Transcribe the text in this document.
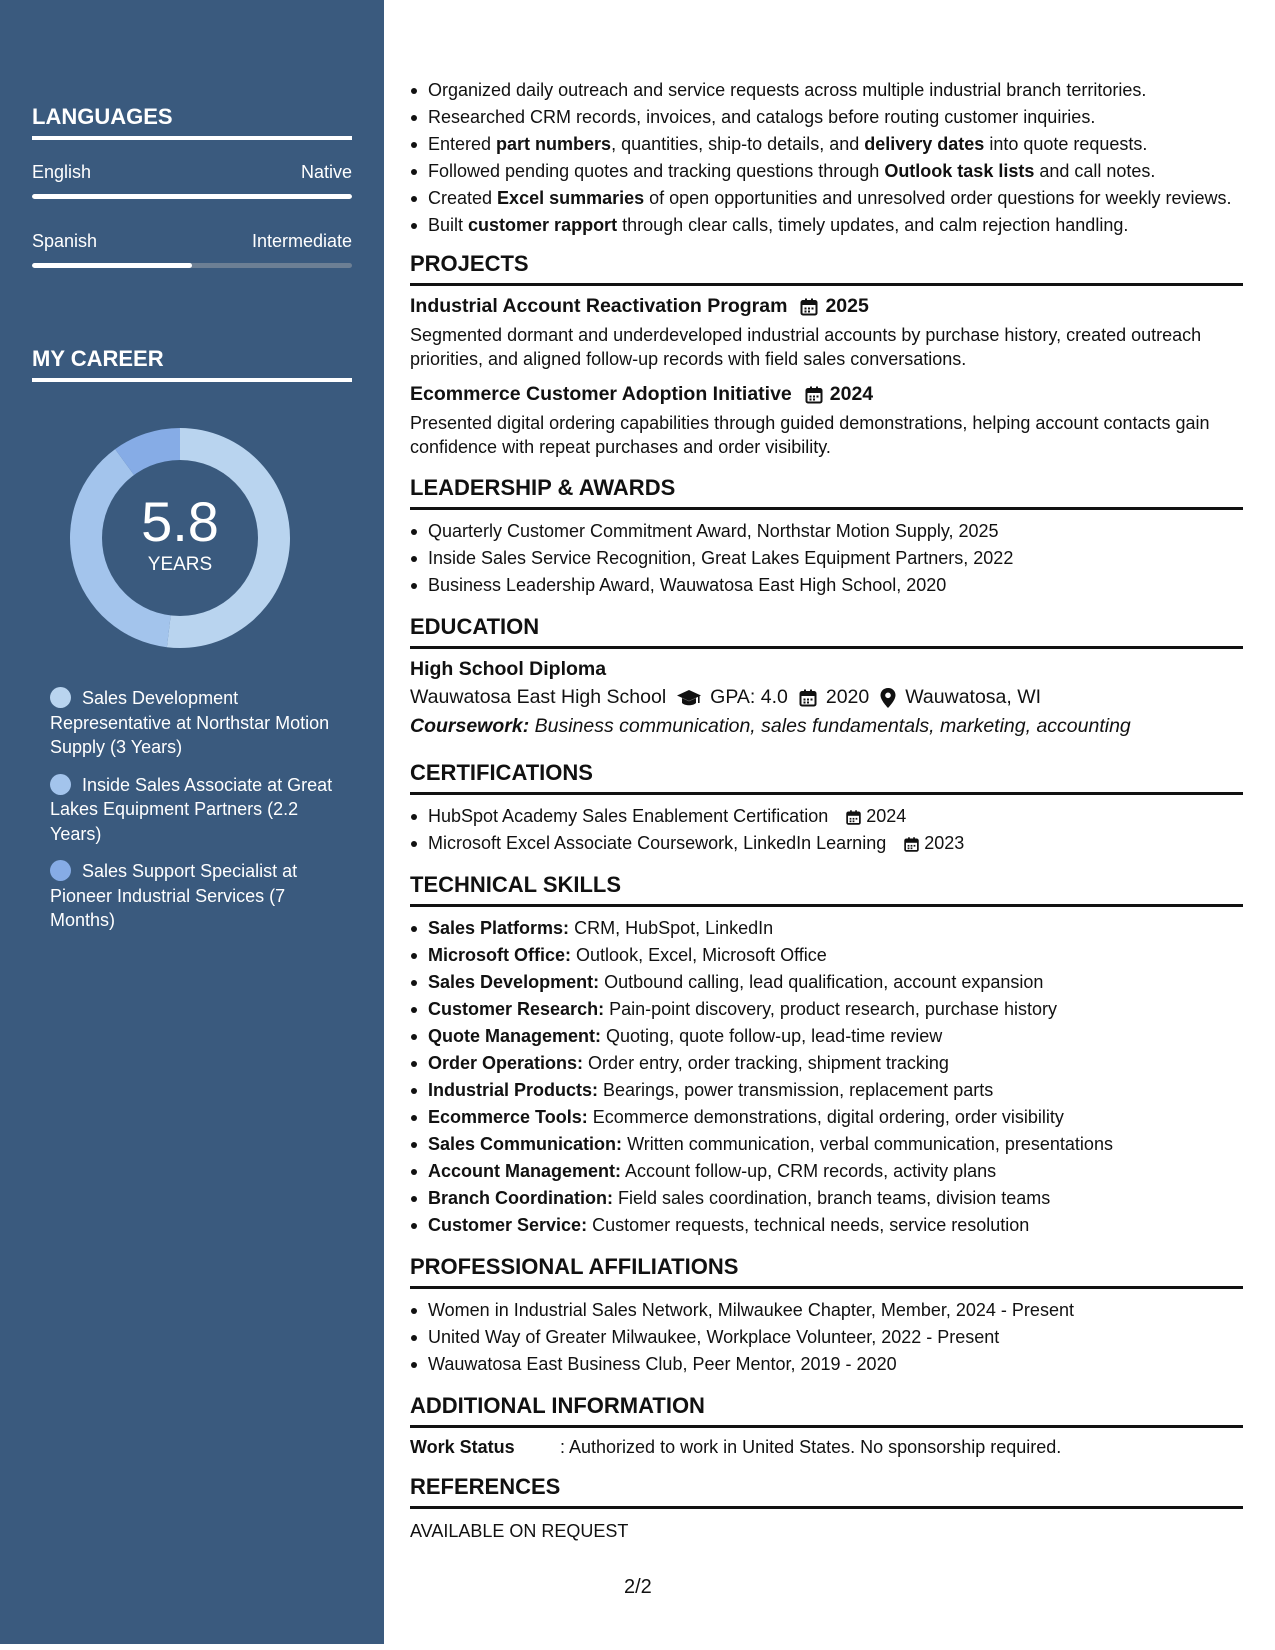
LANGUAGES
English	Native
Spanish	Intermediate
MY CAREER
5.8
YEARS
Sales Development Representative at Northstar Motion Supply (3 Years)
Inside Sales Associate at Great Lakes Equipment Partners (2.2 Years)
Sales Support Specialist at Pioneer Industrial Services (7 Months)
Organized daily outreach and service requests across multiple industrial branch territories.
Researched CRM records, invoices, and catalogs before routing customer inquiries.
Entered part numbers, quantities, ship-to details, and delivery dates into quote requests.
Followed pending quotes and tracking questions through Outlook task lists and call notes.
Created Excel summaries of open opportunities and unresolved order questions for weekly reviews.
Built customer rapport through clear calls, timely updates, and calm rejection handling.
PROJECTS
Industrial Account Reactivation Program 2025
Segmented dormant and underdeveloped industrial accounts by purchase history, created outreach priorities, and aligned follow-up records with field sales conversations.
Ecommerce Customer Adoption Initiative 2024
Presented digital ordering capabilities through guided demonstrations, helping account contacts gain confidence with repeat purchases and order visibility.
LEADERSHIP & AWARDS
Quarterly Customer Commitment Award, Northstar Motion Supply, 2025
Inside Sales Service Recognition, Great Lakes Equipment Partners, 2022
Business Leadership Award, Wauwatosa East High School, 2020
EDUCATION
High School Diploma
Wauwatosa East High School GPA: 4.0 2020 Wauwatosa, WI
Coursework: Business communication, sales fundamentals, marketing, accounting
CERTIFICATIONS
HubSpot Academy Sales Enablement Certification 2024
Microsoft Excel Associate Coursework, LinkedIn Learning 2023
TECHNICAL SKILLS
Sales Platforms: CRM, HubSpot, LinkedIn
Microsoft Office: Outlook, Excel, Microsoft Office
Sales Development: Outbound calling, lead qualification, account expansion
Customer Research: Pain-point discovery, product research, purchase history
Quote Management: Quoting, quote follow-up, lead-time review
Order Operations: Order entry, order tracking, shipment tracking
Industrial Products: Bearings, power transmission, replacement parts
Ecommerce Tools: Ecommerce demonstrations, digital ordering, order visibility
Sales Communication: Written communication, verbal communication, presentations
Account Management: Account follow-up, CRM records, activity plans
Branch Coordination: Field sales coordination, branch teams, division teams
Customer Service: Customer requests, technical needs, service resolution
PROFESSIONAL AFFILIATIONS
Women in Industrial Sales Network, Milwaukee Chapter, Member, 2024 - Present
United Way of Greater Milwaukee, Workplace Volunteer, 2022 - Present
Wauwatosa East Business Club, Peer Mentor, 2019 - 2020
ADDITIONAL INFORMATION
Work Status	: Authorized to work in United States. No sponsorship required.
REFERENCES
AVAILABLE ON REQUEST
2/2
